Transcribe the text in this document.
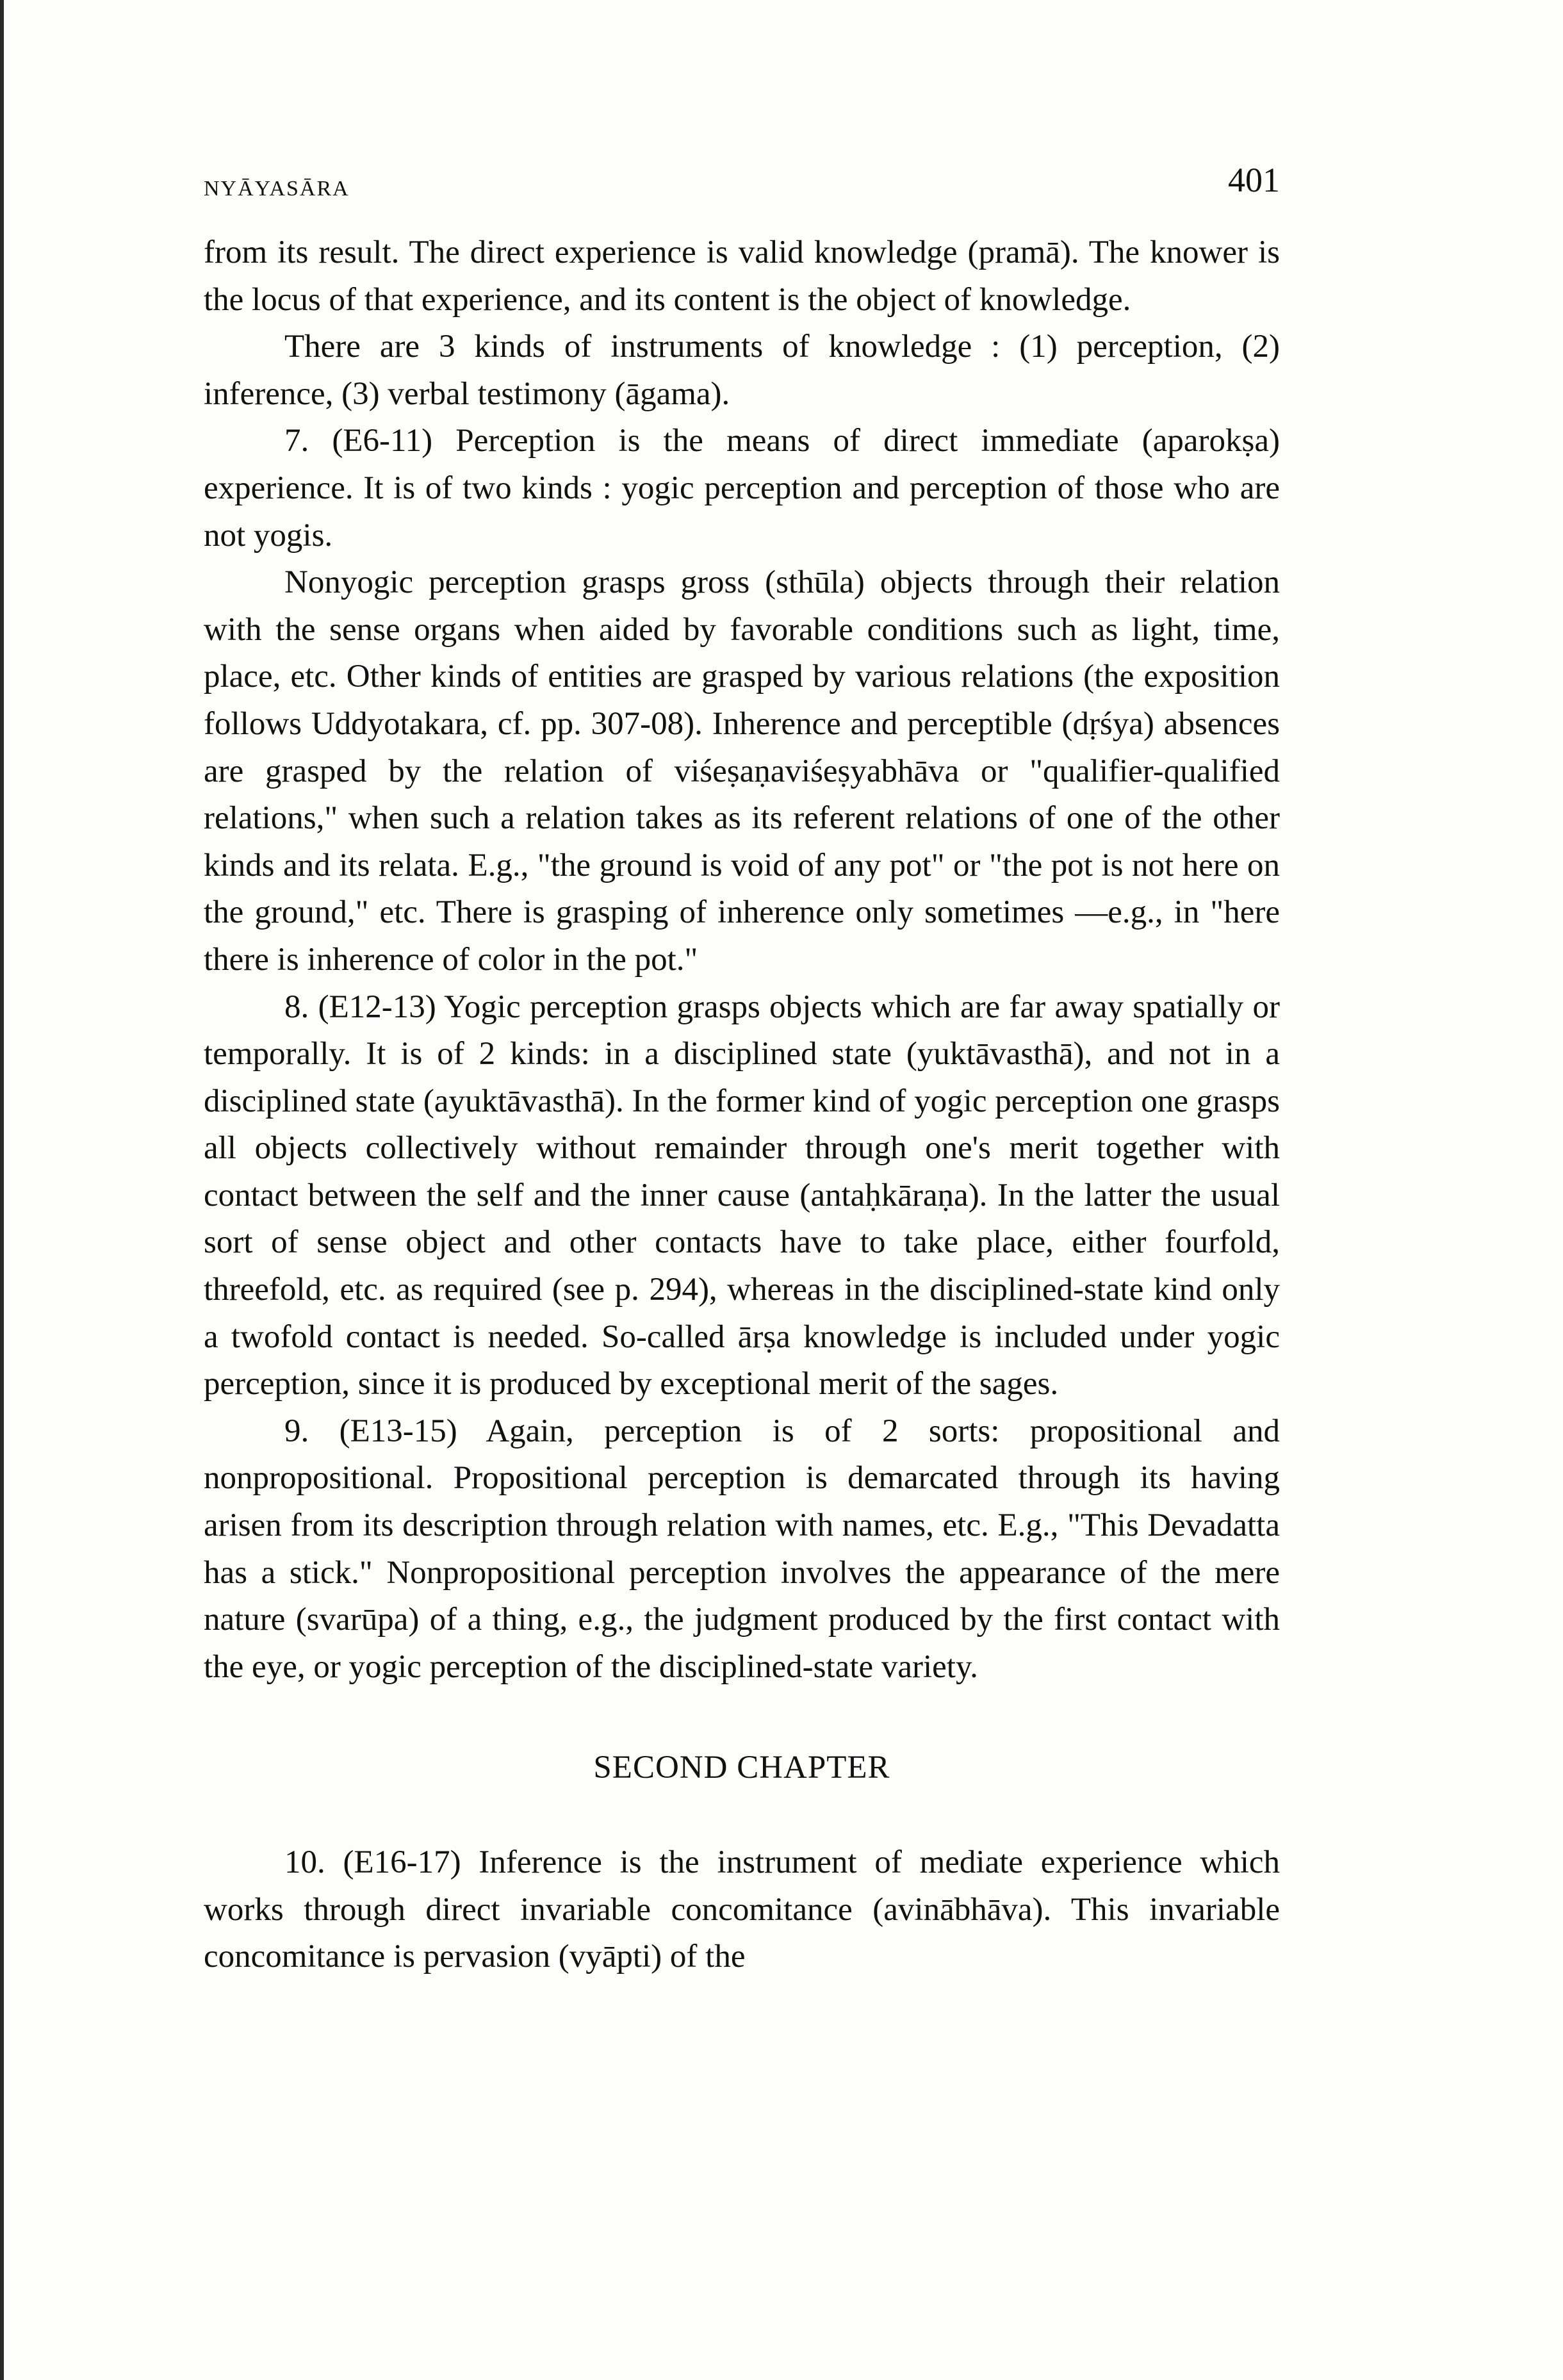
NYĀYASĀRA	401

from its result. The direct experience is valid knowledge (pramā). The knower is the locus of that experience, and its content is the object of knowledge.

There are 3 kinds of instruments of knowledge : (1) perception, (2) inference, (3) verbal testimony (āgama).

7. (E6-11) Perception is the means of direct immediate (aparokṣa) experience. It is of two kinds : yogic perception and perception of those who are not yogis.

Nonyogic perception grasps gross (sthūla) objects through their relation with the sense organs when aided by favorable conditions such as light, time, place, etc. Other kinds of entities are grasped by various relations (the exposition follows Uddyotakara, cf. pp. 307-08). Inherence and perceptible (dṛśya) absences are grasped by the relation of viśeṣaṇaviśeṣyabhāva or "qualifier-qualified relations," when such a relation takes as its referent relations of one of the other kinds and its relata. E.g., "the ground is void of any pot" or "the pot is not here on the ground," etc. There is grasping of inherence only sometimes —e.g., in "here there is inherence of color in the pot."

8. (E12-13) Yogic perception grasps objects which are far away spatially or temporally. It is of 2 kinds: in a disciplined state (yuktāvasthā), and not in a disciplined state (ayuktāvasthā). In the former kind of yogic perception one grasps all objects collectively without remainder through one's merit together with contact between the self and the inner cause (antaḥkāraṇa). In the latter the usual sort of sense object and other contacts have to take place, either fourfold, threefold, etc. as required (see p. 294), whereas in the disciplined-state kind only a twofold contact is needed. So-called ārṣa knowledge is included under yogic perception, since it is produced by exceptional merit of the sages.

9. (E13-15) Again, perception is of 2 sorts: propositional and nonpropositional. Propositional perception is demarcated through its having arisen from its description through relation with names, etc. E.g., "This Devadatta has a stick." Nonpropositional perception involves the appearance of the mere nature (svarūpa) of a thing, e.g., the judgment produced by the first contact with the eye, or yogic perception of the disciplined-state variety.

SECOND CHAPTER

10. (E16-17) Inference is the instrument of mediate experience which works through direct invariable concomitance (avinābhāva). This invariable concomitance is pervasion (vyāpti) of the
